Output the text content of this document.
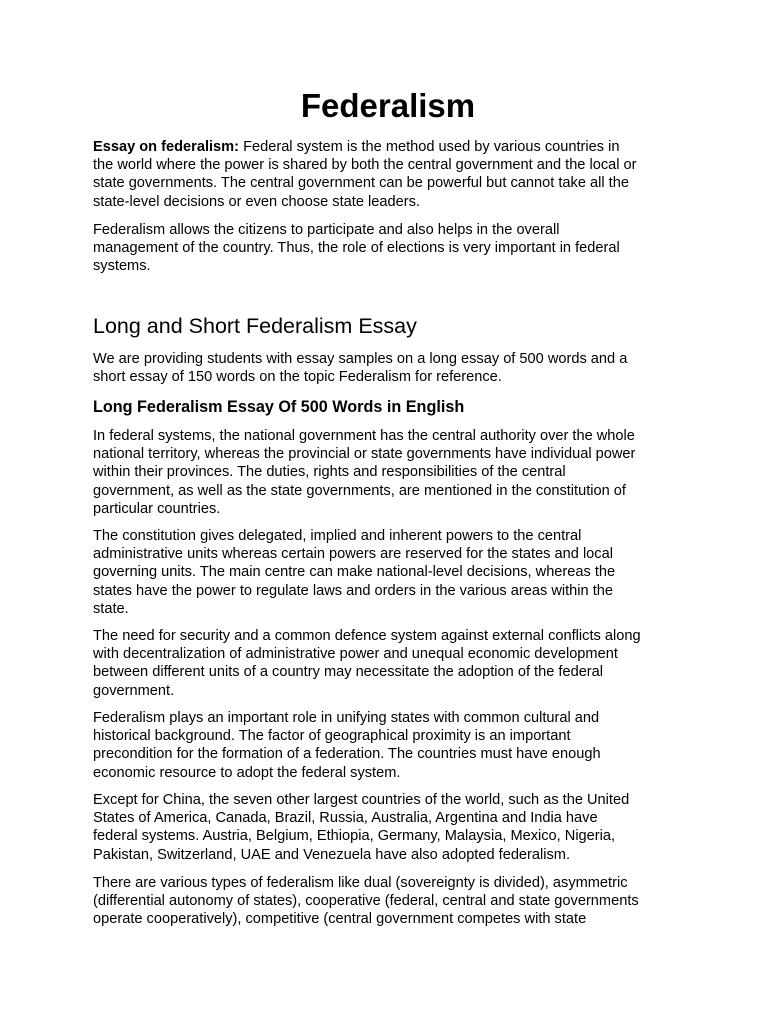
Federalism

Essay on federalism: Federal system is the method used by various countries in
the world where the power is shared by both the central government and the local or
state governments. The central government can be powerful but cannot take all the
state-level decisions or even choose state leaders.

Federalism allows the citizens to participate and also helps in the overall
management of the country. Thus, the role of elections is very important in federal
systems.

Long and Short Federalism Essay

We are providing students with essay samples on a long essay of 500 words and a
short essay of 150 words on the topic Federalism for reference.

Long Federalism Essay Of 500 Words in English

In federal systems, the national government has the central authority over the whole
national territory, whereas the provincial or state governments have individual power
within their provinces. The duties, rights and responsibilities of the central
government, as well as the state governments, are mentioned in the constitution of
particular countries.

The constitution gives delegated, implied and inherent powers to the central
administrative units whereas certain powers are reserved for the states and local
governing units. The main centre can make national-level decisions, whereas the
states have the power to regulate laws and orders in the various areas within the
state.

The need for security and a common defence system against external conflicts along
with decentralization of administrative power and unequal economic development
between different units of a country may necessitate the adoption of the federal
government.

Federalism plays an important role in unifying states with common cultural and
historical background. The factor of geographical proximity is an important
precondition for the formation of a federation. The countries must have enough
economic resource to adopt the federal system.

Except for China, the seven other largest countries of the world, such as the United
States of America, Canada, Brazil, Russia, Australia, Argentina and India have
federal systems. Austria, Belgium, Ethiopia, Germany, Malaysia, Mexico, Nigeria,
Pakistan, Switzerland, UAE and Venezuela have also adopted federalism.

There are various types of federalism like dual (sovereignty is divided), asymmetric
(differential autonomy of states), cooperative (federal, central and state governments
operate cooperatively), competitive (central government competes with state
